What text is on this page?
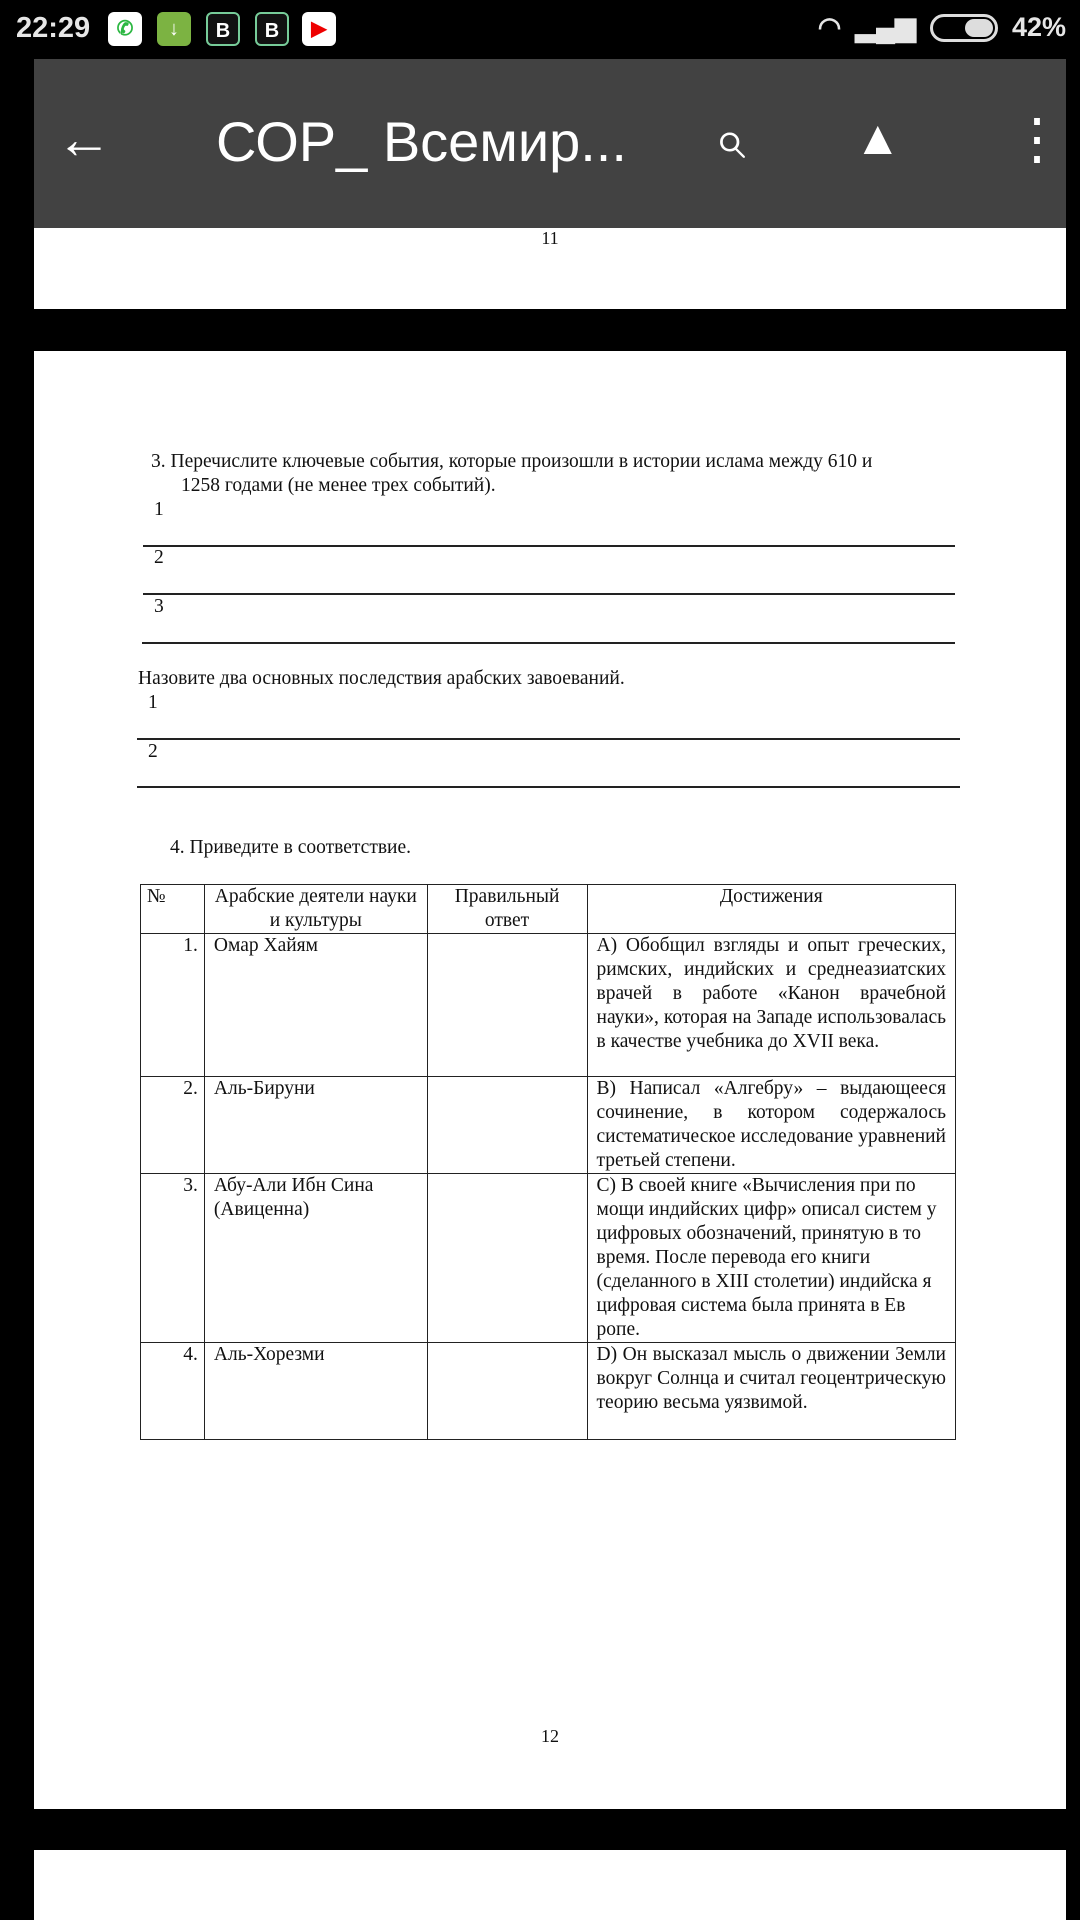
22:29	✆	↓	B	B	▶	◠ ▂▄▆	42%
← СОР_ Всемир... ⌕ ▲ ⋮
11
3. Перечислите ключевые события, которые произошли в истории ислама между 610 и
1258 годами (не менее трех событий).
1
2
3
Назовите два основных последствия арабских завоеваний.
1
2
4. Приведите в соответствие.
№	Арабские деятели науки и культуры	Правильный ответ	Достижения
1.	Омар Хайям		А) Обобщил взгляды и опыт греческих, римских, индийских и среднеазиатских врачей в работе «Канон врачебной науки», которая на Западе использовалась в качестве учебника до XVII века.
2.	Аль-Бируни		В) Написал «Алгебру» – выдающееся сочинение, в котором содержалось систематическое исследование уравнений третьей степени.
3.	Абу-Али Ибн Сина (Авиценна)		С) В своей книге «Вычисления при по мощи индийских цифр» описал систем у цифровых обозначений, принятую в то время. После перевода его книги (сделанного в XIII столетии) индийска я цифровая система была принята в Ев ропе.
4.	Аль-Хорезми		D) Он высказал мысль о движении Земли вокруг Солнца и считал геоцентрическую теорию весьма уязвимой.
12
